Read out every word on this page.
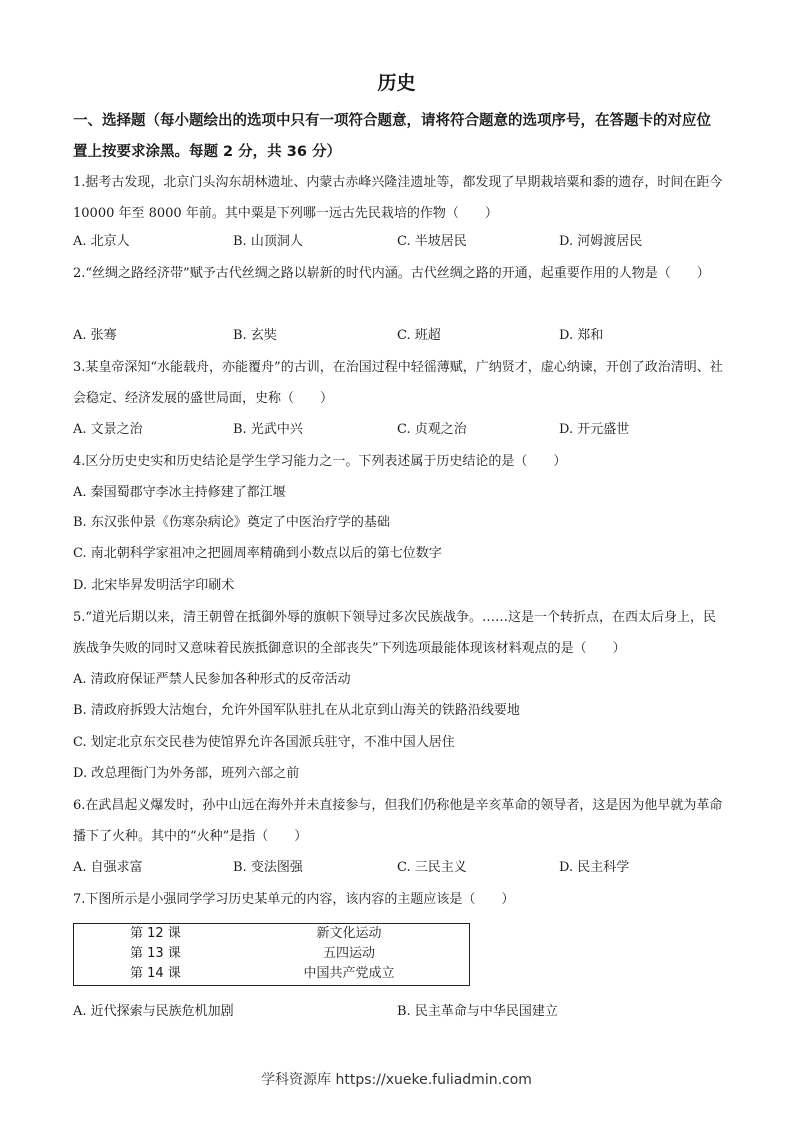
历史
一、选择题（每小题绘出的选项中只有一项符合题意，请将符合题意的选项序号，在答题卡的对应位置上按要求涂黑。每题 2 分，共 36 分）
1.据考古发现，北京门头沟东胡林遗址、内蒙古赤峰兴隆洼遗址等，都发现了早期栽培粟和黍的遗存，时间在距今 10000 年至 8000 年前。其中粟是下列哪一远古先民栽培的作物（　　）
A. 北京人	B. 山顶洞人	C. 半坡居民	D. 河姆渡居民
2.“丝绸之路经济带”赋予古代丝绸之路以崭新的时代内涵。古代丝绸之路的开通，起重要作用的人物是（　　）
A. 张骞	B. 玄奘	C. 班超	D. 郑和
3.某皇帝深知“水能载舟，亦能覆舟”的古训，在治国过程中轻徭薄赋，广纳贤才，虚心纳谏，开创了政治清明、社会稳定、经济发展的盛世局面，史称（　　）
A. 文景之治	B. 光武中兴	C. 贞观之治	D. 开元盛世
4.区分历史史实和历史结论是学生学习能力之一。下列表述属于历史结论的是（　　）
A. 秦国蜀郡守李冰主持修建了都江堰
B. 东汉张仲景《伤寒杂病论》奠定了中医治疗学的基础
C. 南北朝科学家祖冲之把圆周率精确到小数点以后的第七位数字
D. 北宋毕昇发明活字印刷术
5.“道光后期以来，清王朝曾在抵御外辱的旗帜下领导过多次民族战争。……这是一个转折点，在西太后身上，民族战争失败的同时又意味着民族抵御意识的全部丧失”下列选项最能体现该材料观点的是（　　）
A. 清政府保证严禁人民参加各种形式的反帝活动
B. 清政府拆毁大沽炮台，允许外国军队驻扎在从北京到山海关的铁路沿线要地
C. 划定北京东交民巷为使馆界允许各国派兵驻守，不准中国人居住
D. 改总理衙门为外务部，班列六部之前
6.在武昌起义爆发时，孙中山远在海外并未直接参与，但我们仍称他是辛亥革命的领导者，这是因为他早就为革命播下了火种。其中的“火种”是指（　　）
A. 自强求富	B. 变法图强	C. 三民主义	D. 民主科学
7.下图所示是小强同学学习历史某单元的内容，该内容的主题应该是（　　）
第 12 课	新文化运动
第 13 课	五四运动
第 14 课	中国共产党成立
A. 近代探索与民族危机加剧	B. 民主革命与中华民国建立
学科资源库 https://xueke.fuliadmin.com
